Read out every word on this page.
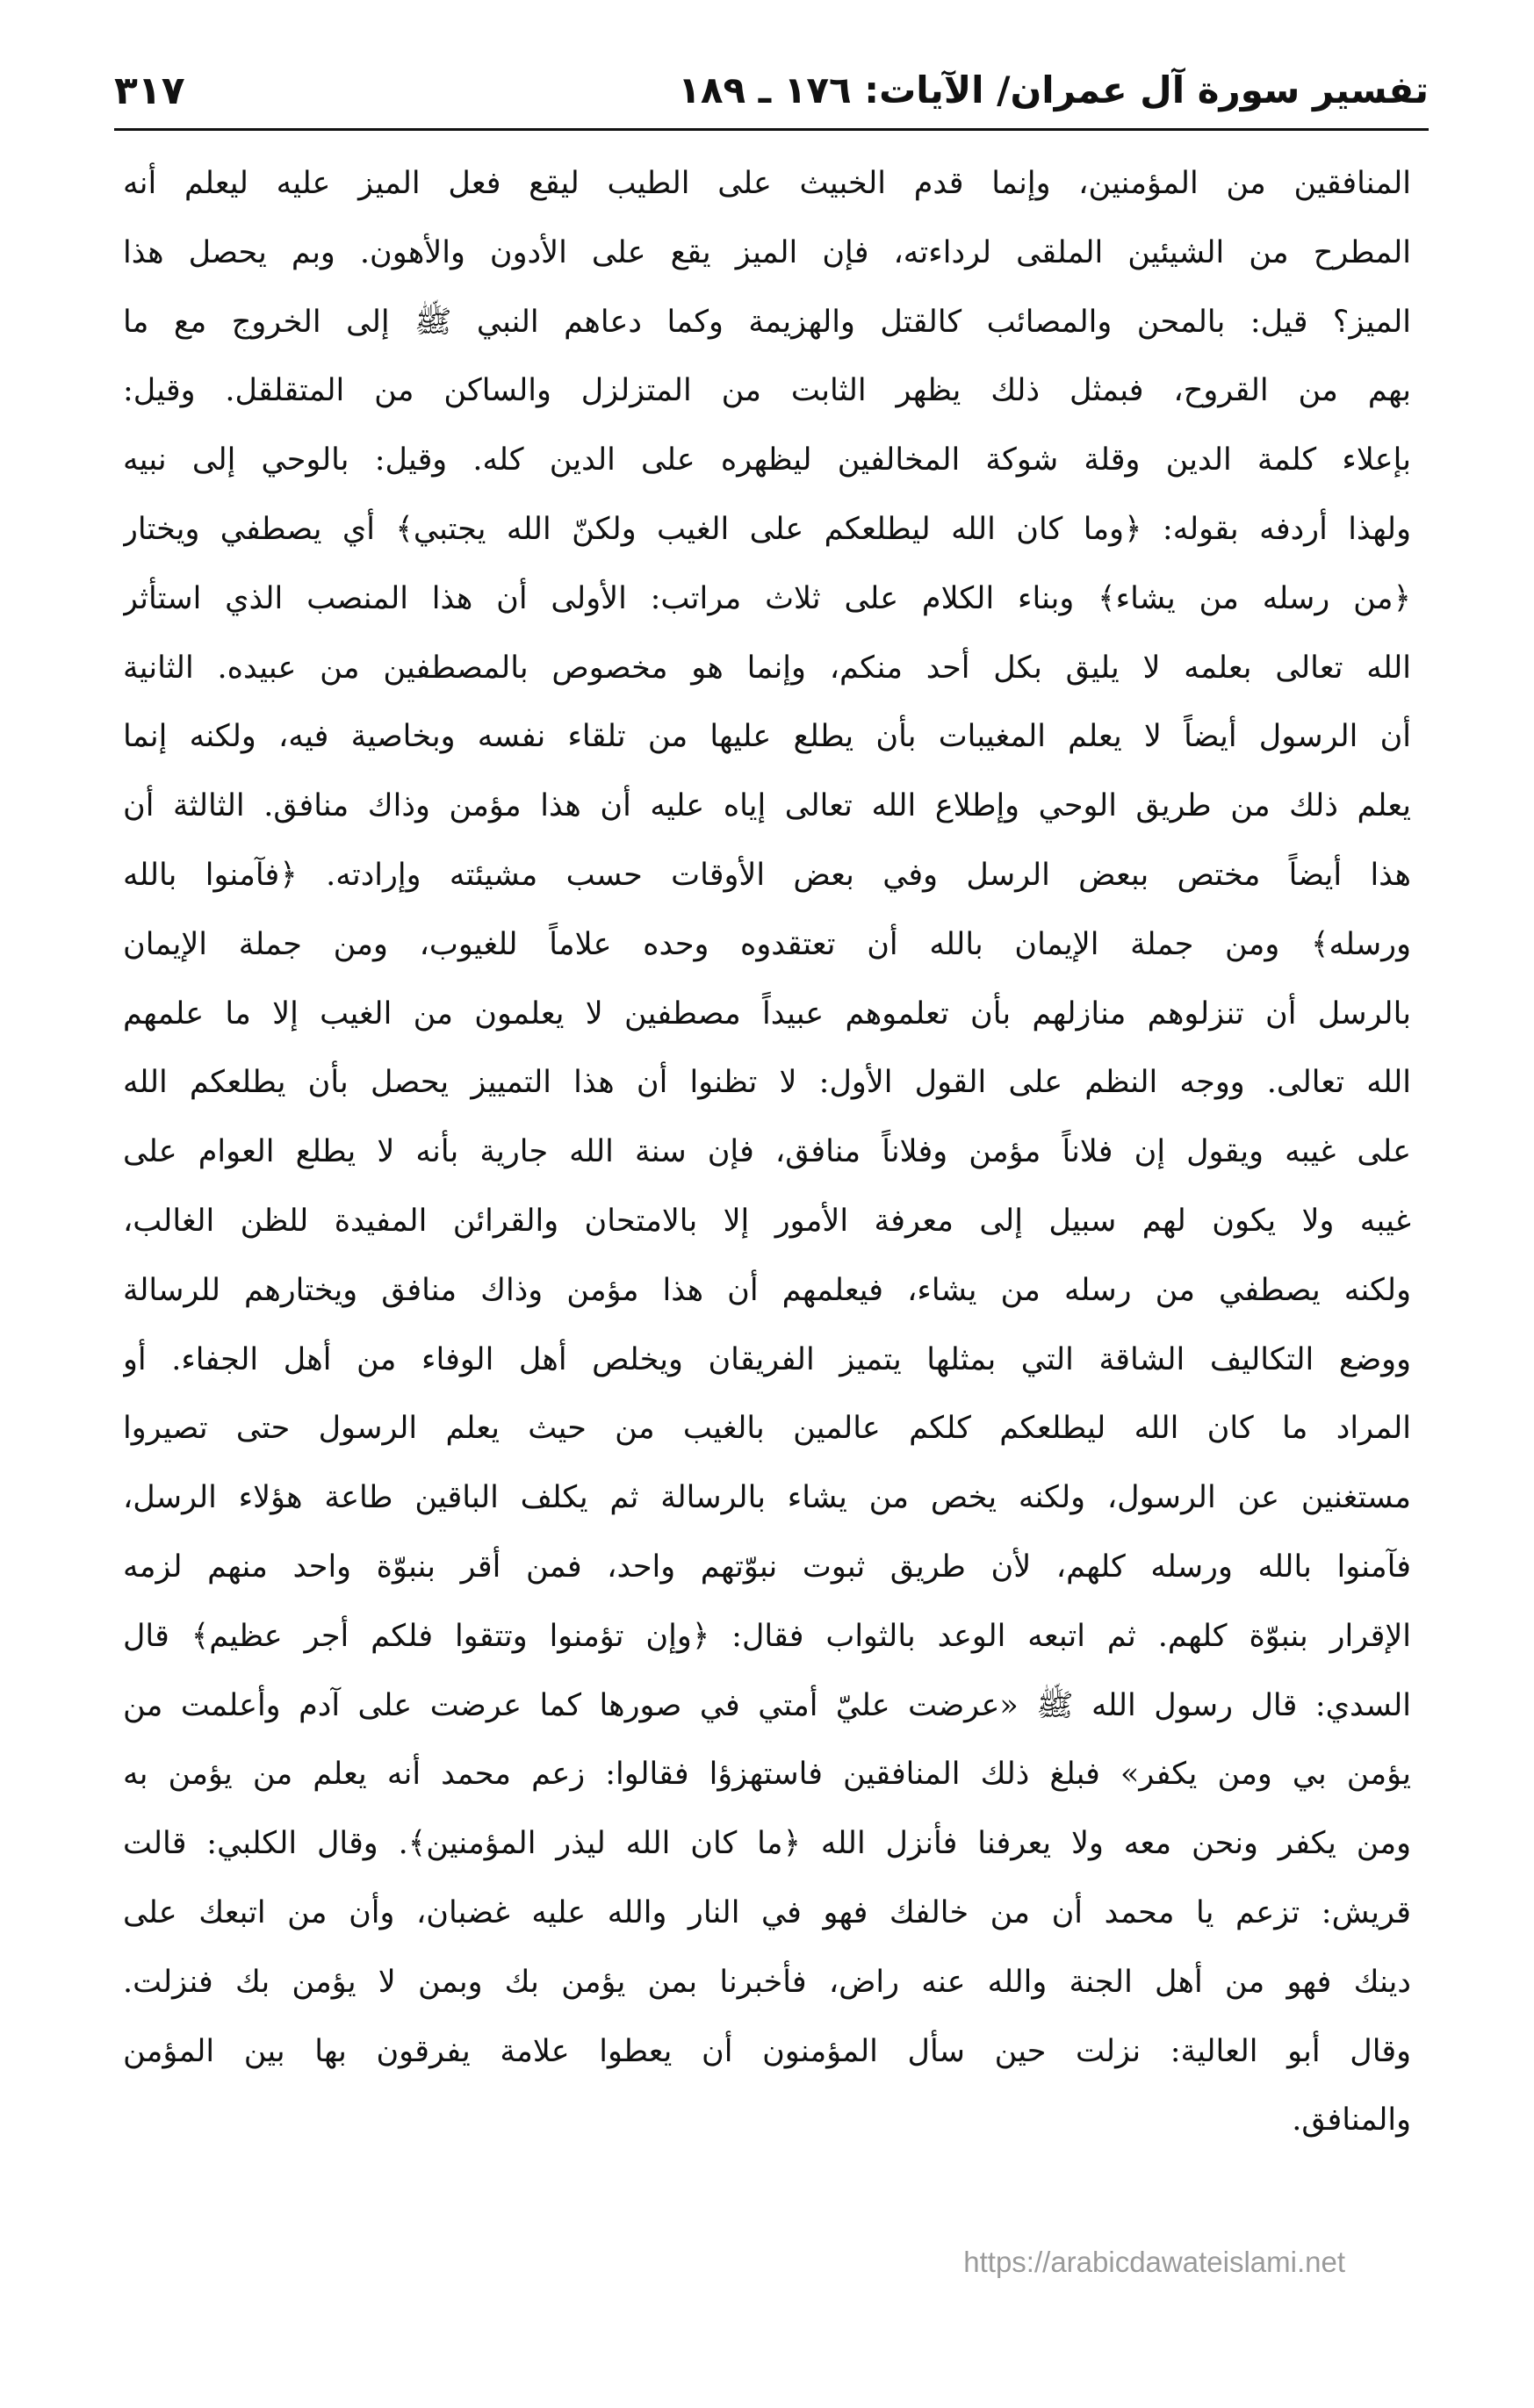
تفسير سورة آل عمران/ الآيات: ١٧٦ ـ ١٨٩
٣١٧
المنافقين من المؤمنين، وإنما قدم الخبيث على الطيب ليقع فعل الميز عليه ليعلم أنه
المطرح من الشيئين الملقى لرداءته، فإن الميز يقع على الأدون والأهون. وبم يحصل هذا
الميز؟ قيل: بالمحن والمصائب كالقتل والهزيمة وكما دعاهم النبي ﷺ إلى الخروج مع ما
بهم من القروح، فبمثل ذلك يظهر الثابت من المتزلزل والساكن من المتقلقل. وقيل:
بإعلاء كلمة الدين وقلة شوكة المخالفين ليظهره على الدين كله. وقيل: بالوحي إلى نبيه
ولهذا أردفه بقوله: ﴿وما كان الله ليطلعكم على الغيب ولكنّ الله يجتبي﴾ أي يصطفي ويختار
﴿من رسله من يشاء﴾ وبناء الكلام على ثلاث مراتب: الأولى أن هذا المنصب الذي استأثر
الله تعالى بعلمه لا يليق بكل أحد منكم، وإنما هو مخصوص بالمصطفين من عبيده. الثانية
أن الرسول أيضاً لا يعلم المغيبات بأن يطلع عليها من تلقاء نفسه وبخاصية فيه، ولكنه إنما
يعلم ذلك من طريق الوحي وإطلاع الله تعالى إياه عليه أن هذا مؤمن وذاك منافق. الثالثة أن
هذا أيضاً مختص ببعض الرسل وفي بعض الأوقات حسب مشيئته وإرادته. ﴿فآمنوا بالله
ورسله﴾ ومن جملة الإيمان بالله أن تعتقدوه وحده علاماً للغيوب، ومن جملة الإيمان
بالرسل أن تنزلوهم منازلهم بأن تعلموهم عبيداً مصطفين لا يعلمون من الغيب إلا ما علمهم
الله تعالى. ووجه النظم على القول الأول: لا تظنوا أن هذا التمييز يحصل بأن يطلعكم الله
على غيبه ويقول إن فلاناً مؤمن وفلاناً منافق، فإن سنة الله جارية بأنه لا يطلع العوام على
غيبه ولا يكون لهم سبيل إلى معرفة الأمور إلا بالامتحان والقرائن المفيدة للظن الغالب،
ولكنه يصطفي من رسله من يشاء، فيعلمهم أن هذا مؤمن وذاك منافق ويختارهم للرسالة
ووضع التكاليف الشاقة التي بمثلها يتميز الفريقان ويخلص أهل الوفاء من أهل الجفاء. أو
المراد ما كان الله ليطلعكم كلكم عالمين بالغيب من حيث يعلم الرسول حتى تصيروا
مستغنين عن الرسول، ولكنه يخص من يشاء بالرسالة ثم يكلف الباقين طاعة هؤلاء الرسل،
فآمنوا بالله ورسله كلهم، لأن طريق ثبوت نبوّتهم واحد، فمن أقر بنبوّة واحد منهم لزمه
الإقرار بنبوّة كلهم. ثم اتبعه الوعد بالثواب فقال: ﴿وإن تؤمنوا وتتقوا فلكم أجر عظيم﴾ قال
السدي: قال رسول الله ﷺ «عرضت عليّ أمتي في صورها كما عرضت على آدم وأعلمت من
يؤمن بي ومن يكفر» فبلغ ذلك المنافقين فاستهزؤا فقالوا: زعم محمد أنه يعلم من يؤمن به
ومن يكفر ونحن معه ولا يعرفنا فأنزل الله ﴿ما كان الله ليذر المؤمنين﴾. وقال الكلبي: قالت
قريش: تزعم يا محمد أن من خالفك فهو في النار والله عليه غضبان، وأن من اتبعك على
دينك فهو من أهل الجنة والله عنه راض، فأخبرنا بمن يؤمن بك وبمن لا يؤمن بك فنزلت.
وقال أبو العالية: نزلت حين سأل المؤمنون أن يعطوا علامة يفرقون بها بين المؤمن
والمنافق.
https://arabicdawateislami.net
